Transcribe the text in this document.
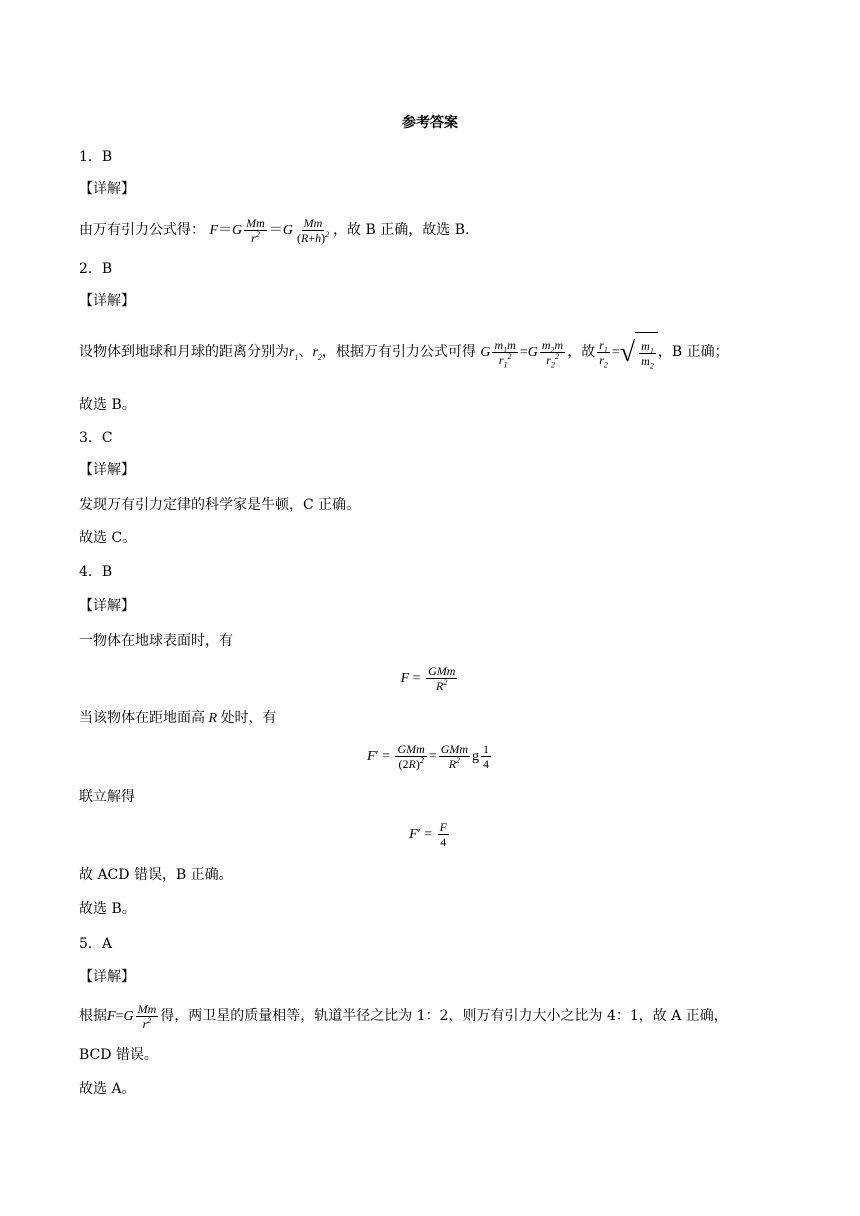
参考答案
1．B
【详解】
由万有引力公式得： $F=G \frac{Mm}{r^2} =G \frac{Mm}{(R+h)^2}$ ，故 B 正确，故选 B.
2．B
【详解】
设物体到地球和月球的距离分别为$r_1$、$r_2$，根据万有引力公式可得 G $\frac{m_1m}{r_1^2} =G \frac{m_2m}{r_2^2}$ ，故 $\frac{r_1}{r_2}$ = √ $\frac{m_1}{m_2}$ ，B 正确；
故选 B。
3．C
【详解】
发现万有引力定律的科学家是牛顿，C 正确。
故选 C。
4．B
【详解】
一物体在地球表面时，有
$F = \frac{\text{GMm}}{R^2}$
当该物体在距地面高 R 处时，有
$F' = \frac{\text{GMm}}{(2R)^2} = \frac{\text{GMm}}{R^2}$ g $\frac{1}{4}$
联立解得
$F' = \frac{F}{4}$
故 ACD 错误，B 正确。
故选 B。
5．A
【详解】
根据$F=G \frac{Mm}{r^2}$ 得，两卫星的质量相等，轨道半径之比为 1：2，则万有引力大小之比为 4：1，故 A 正确，
BCD 错误。
故选 A。
